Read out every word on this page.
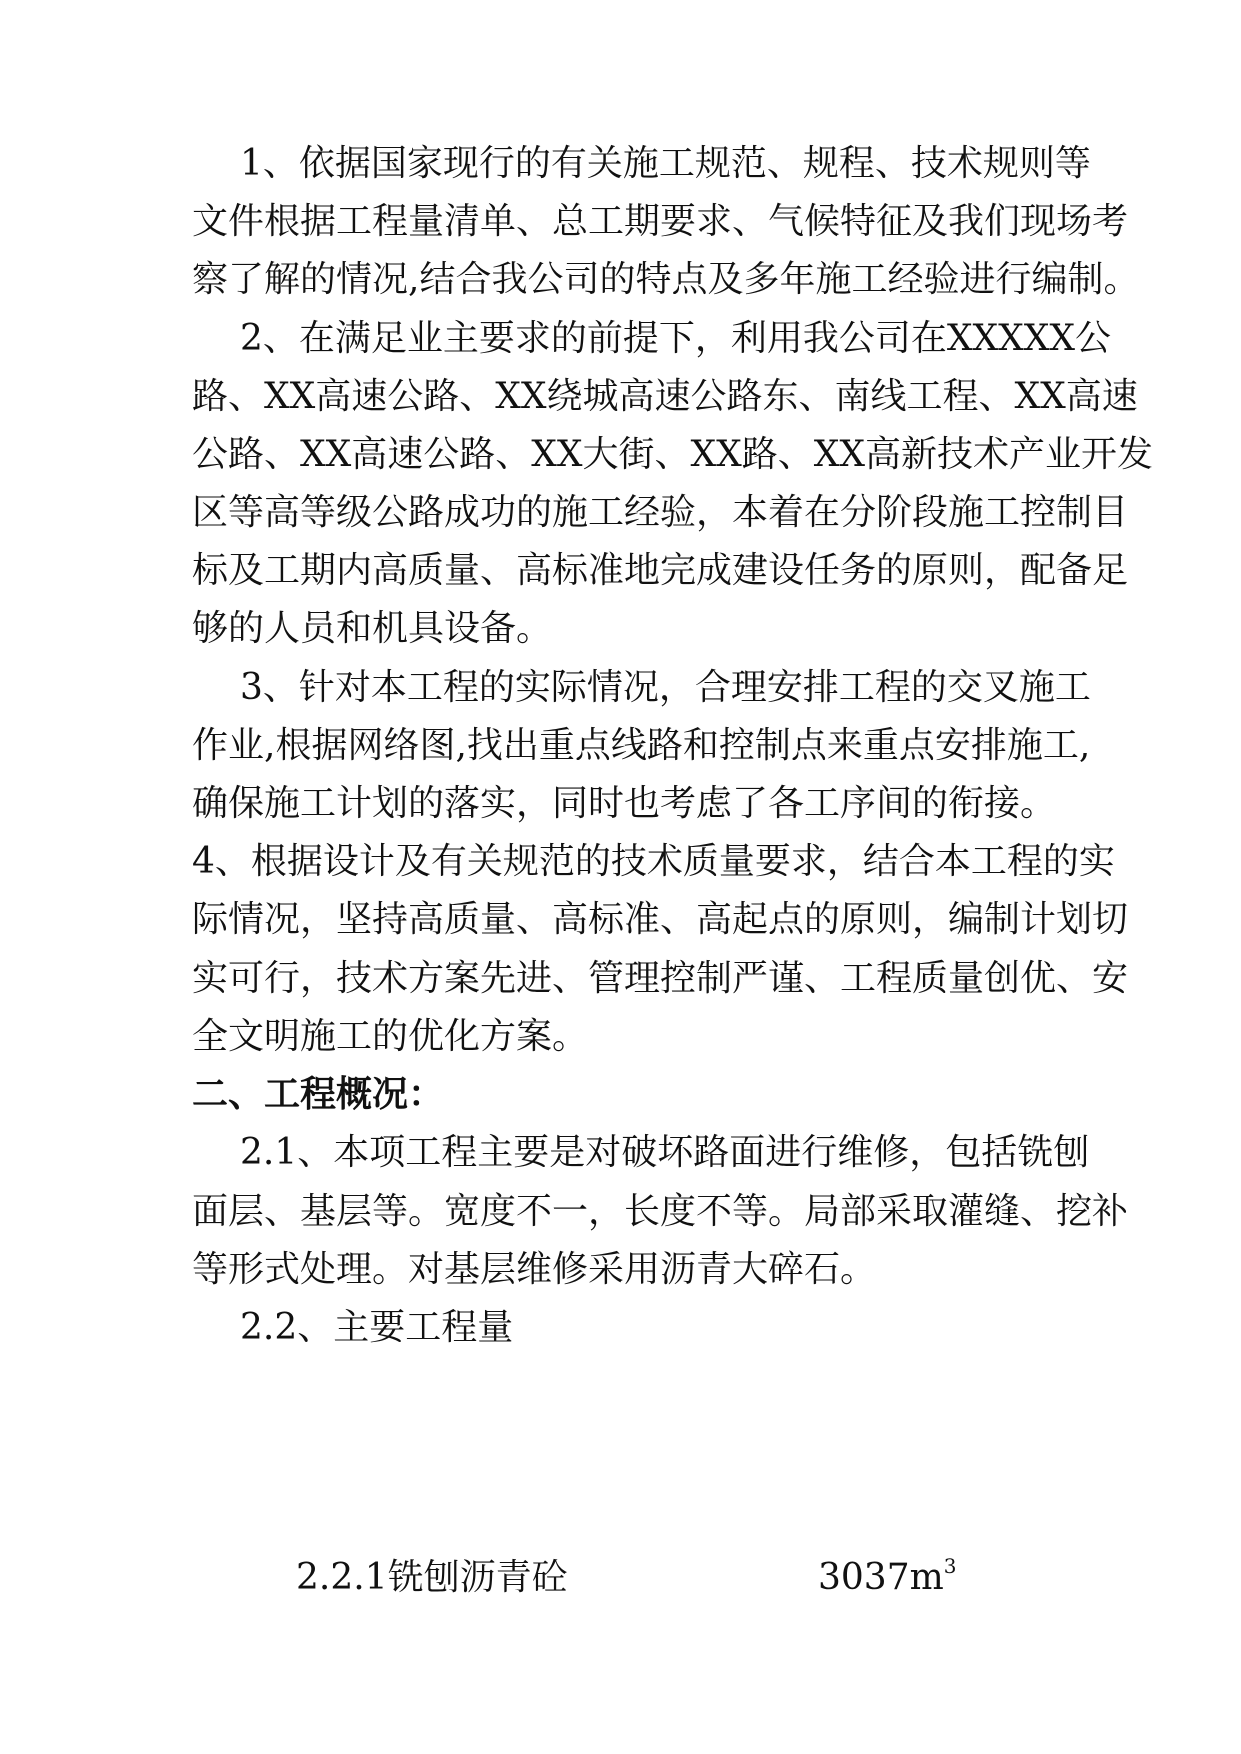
1、依据国家现行的有关施工规范、规程、技术规则等
文件根据工程量清单、总工期要求、气候特征及我们现场考
察了解的情况,结合我公司的特点及多年施工经验进行编制。
2、在满足业主要求的前提下，利用我公司在XXXXX公
路、XX高速公路、XX绕城高速公路东、南线工程、XX高速
公路、XX高速公路、XX大街、XX路、XX高新技术产业开发
区等高等级公路成功的施工经验，本着在分阶段施工控制目
标及工期内高质量、高标准地完成建设任务的原则，配备足
够的人员和机具设备。
3、针对本工程的实际情况，合理安排工程的交叉施工
作业,根据网络图,找出重点线路和控制点来重点安排施工,
确保施工计划的落实，同时也考虑了各工序间的衔接。
4、根据设计及有关规范的技术质量要求，结合本工程的实
际情况，坚持高质量、高标准、高起点的原则，编制计划切
实可行，技术方案先进、管理控制严谨、工程质量创优、安
全文明施工的优化方案。
二、工程概况：
2.1、本项工程主要是对破坏路面进行维修，包括铣刨
面层、基层等。宽度不一，长度不等。局部采取灌缝、挖补
等形式处理。对基层维修采用沥青大碎石。
2.2、主要工程量
2.2.1铣刨沥青砼	$3037m^3$
